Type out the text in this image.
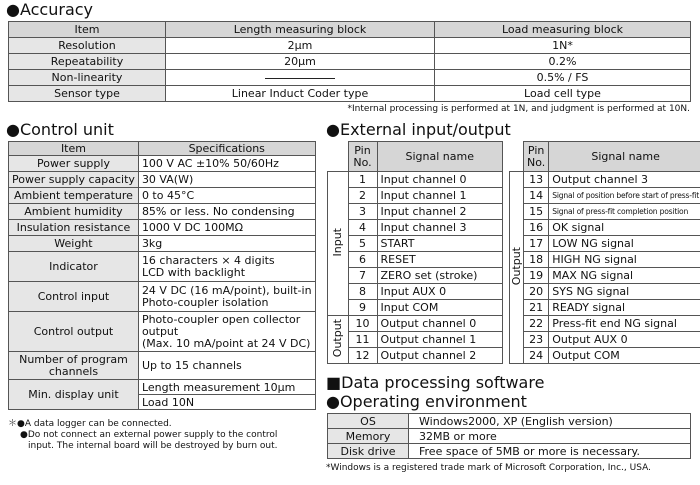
●Accuracy
Item	Length measuring block	Load measuring block
Resolution	2μm	1N*
Repeatability	20μm	0.2%
Non-linearity		0.5% / FS
Sensor type	Linear Induct Coder type	Load cell type
*Internal processing is performed at 1N, and judgment is performed at 10N.
●Control unit
Item	Specifications
Power supply	100 V AC ±10% 50/60Hz
Power supply capacity	30 VA(W)
Ambient temperature	0 to 45°C
Ambient humidity	85% or less. No condensing
Insulation resistance	1000 V DC 100MΩ
Weight	3kg
Indicator	16 characters × 4 digits
LCD with backlight

Control input	24 V DC (16 mA/point), built-in
Photo-coupler isolation

Control output	Photo-coupler open collector
output
(Max. 10 mA/point at 24 V DC)

Number of program
channels	Up to 15 channels
Min. display unit	Length measurement 10μm
	Load 10N
＊●A data logger can be connected.
●Do not connect an external power supply to the control
input. The internal board will be destroyed by burn out.
●External input/output

	Pin
No.	Signal name
Input	1	Input channel 0
	2	Input channel 1
	3	Input channel 2
	4	Input channel 3
	5	START
	6	RESET
	7	ZERO set (stroke)
	8	Input AUX 0
	9	Input COM
Output	10	Output channel 0
	11	Output channel 1
	12	Output channel 2

	Pin
No.	Signal name
Output	13	Output channel 3
	14	Signal of position before start of press-fit
	15	Signal of press-fit completion position
	16	OK signal
	17	LOW NG signal
	18	HIGH NG signal
	19	MAX NG signal
	20	SYS NG signal
	21	READY signal
	22	Press-fit end NG signal
	23	Output AUX 0
	24	Output COM
■Data processing software
●Operating environment
OS	Windows2000, XP (English version)
Memory	32MB or more
Disk drive	Free space of 5MB or more is necessary.
*Windows is a registered trade mark of Microsoft Corporation, Inc., USA.
